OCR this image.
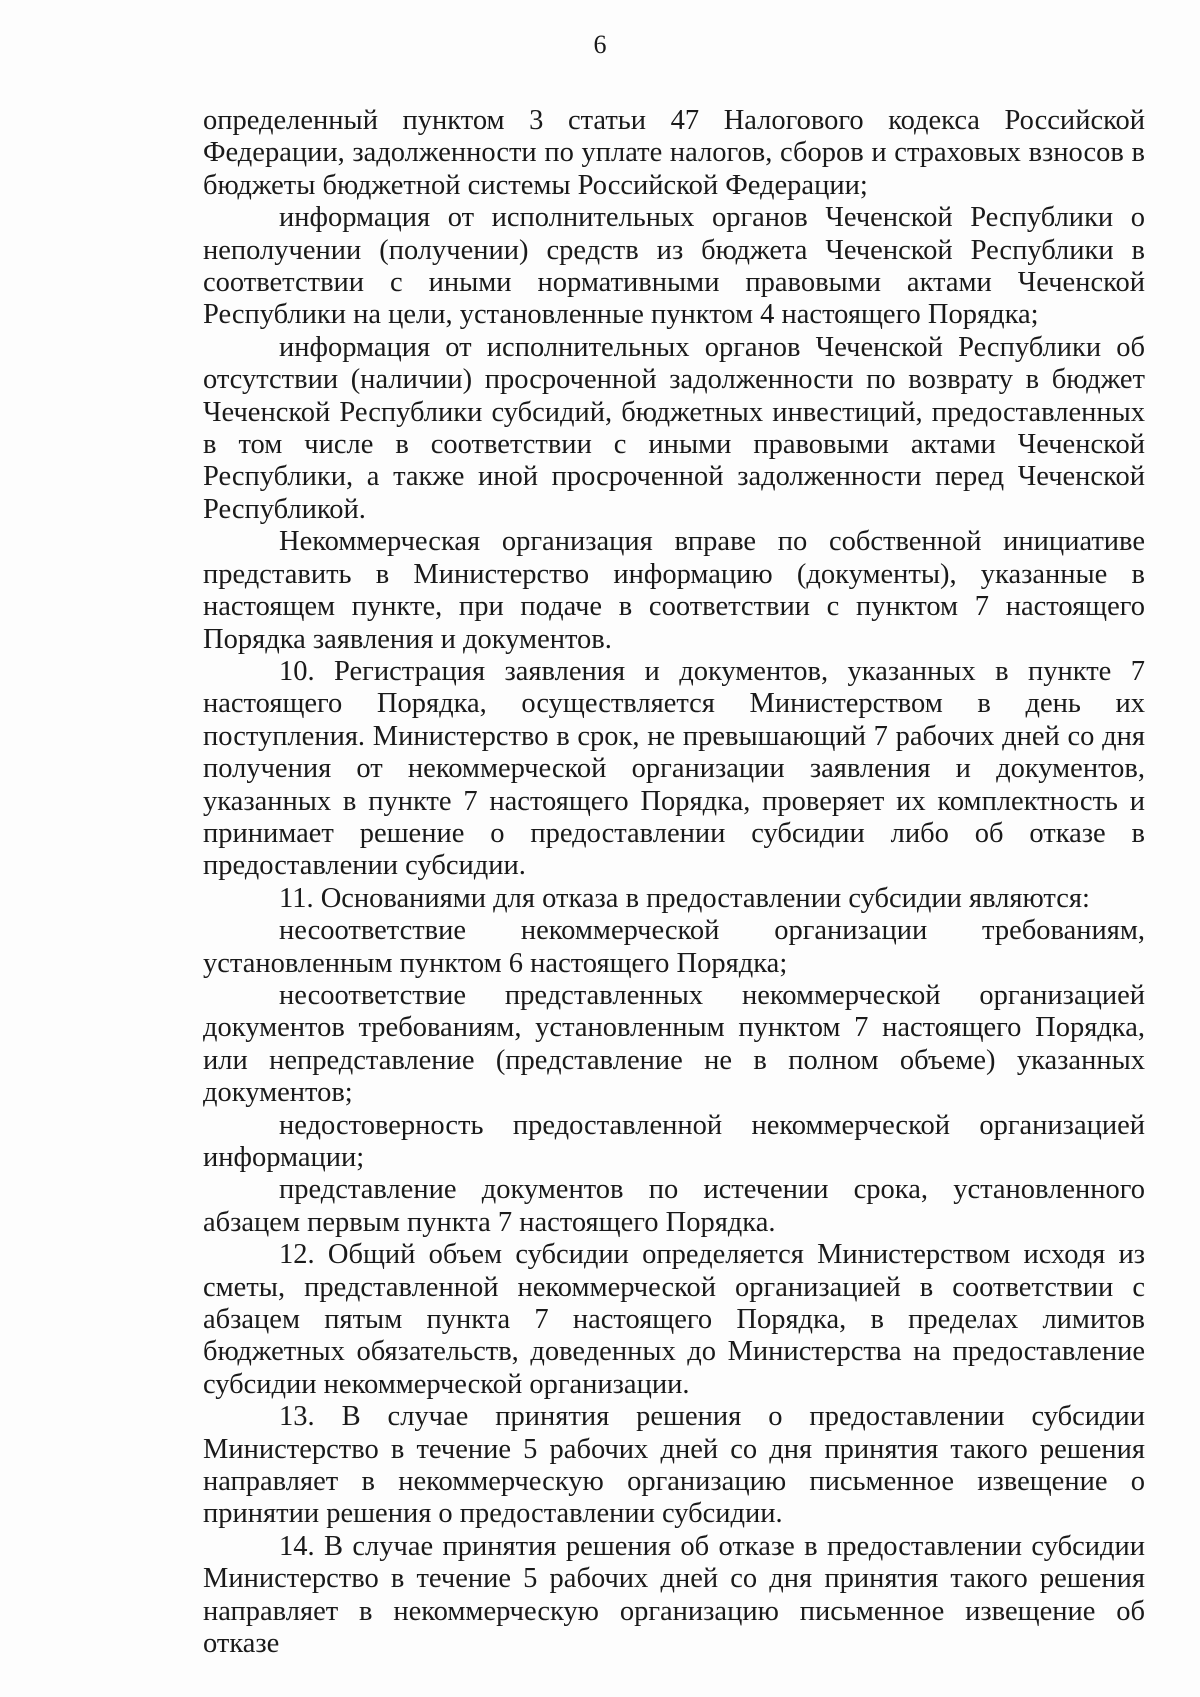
6

определенный пунктом 3 статьи 47 Налогового кодекса Российской Федерации, задолженности по уплате налогов, сборов и страховых взносов в бюджеты бюджетной системы Российской Федерации;

информация от исполнительных органов Чеченской Республики о неполучении (получении) средств из бюджета Чеченской Республики в соответствии с иными нормативными правовыми актами Чеченской Республики на цели, установленные пунктом 4 настоящего Порядка;

информация от исполнительных органов Чеченской Республики об отсутствии (наличии) просроченной задолженности по возврату в бюджет Чеченской Республики субсидий, бюджетных инвестиций, предоставленных в том числе в соответствии с иными правовыми актами Чеченской Республики, а также иной просроченной задолженности перед Чеченской Республикой.

Некоммерческая организация вправе по собственной инициативе представить в Министерство информацию (документы), указанные в настоящем пункте, при подаче в соответствии с пунктом 7 настоящего Порядка заявления и документов.

10. Регистрация заявления и документов, указанных в пункте 7 настоящего Порядка, осуществляется Министерством в день их поступления. Министерство в срок, не превышающий 7 рабочих дней со дня получения от некоммерческой организации заявления и документов, указанных в пункте 7 настоящего Порядка, проверяет их комплектность и принимает решение о предоставлении субсидии либо об отказе в предоставлении субсидии.

11. Основаниями для отказа в предоставлении субсидии являются:

несоответствие некоммерческой организации требованиям, установленным пунктом 6 настоящего Порядка;

несоответствие представленных некоммерческой организацией документов требованиям, установленным пунктом 7 настоящего Порядка, или непредставление (представление не в полном объеме) указанных документов;

недостоверность предоставленной некоммерческой организацией информации;

представление документов по истечении срока, установленного абзацем первым пункта 7 настоящего Порядка.

12. Общий объем субсидии определяется Министерством исходя из сметы, представленной некоммерческой организацией в соответствии с абзацем пятым пункта 7 настоящего Порядка, в пределах лимитов бюджетных обязательств, доведенных до Министерства на предоставление субсидии некоммерческой организации.

13. В случае принятия решения о предоставлении субсидии Министерство в течение 5 рабочих дней со дня принятия такого решения направляет в некоммерческую организацию письменное извещение о принятии решения о предоставлении субсидии.

14. В случае принятия решения об отказе в предоставлении субсидии Министерство в течение 5 рабочих дней со дня принятия такого решения направляет в некоммерческую организацию письменное извещение об отказе
